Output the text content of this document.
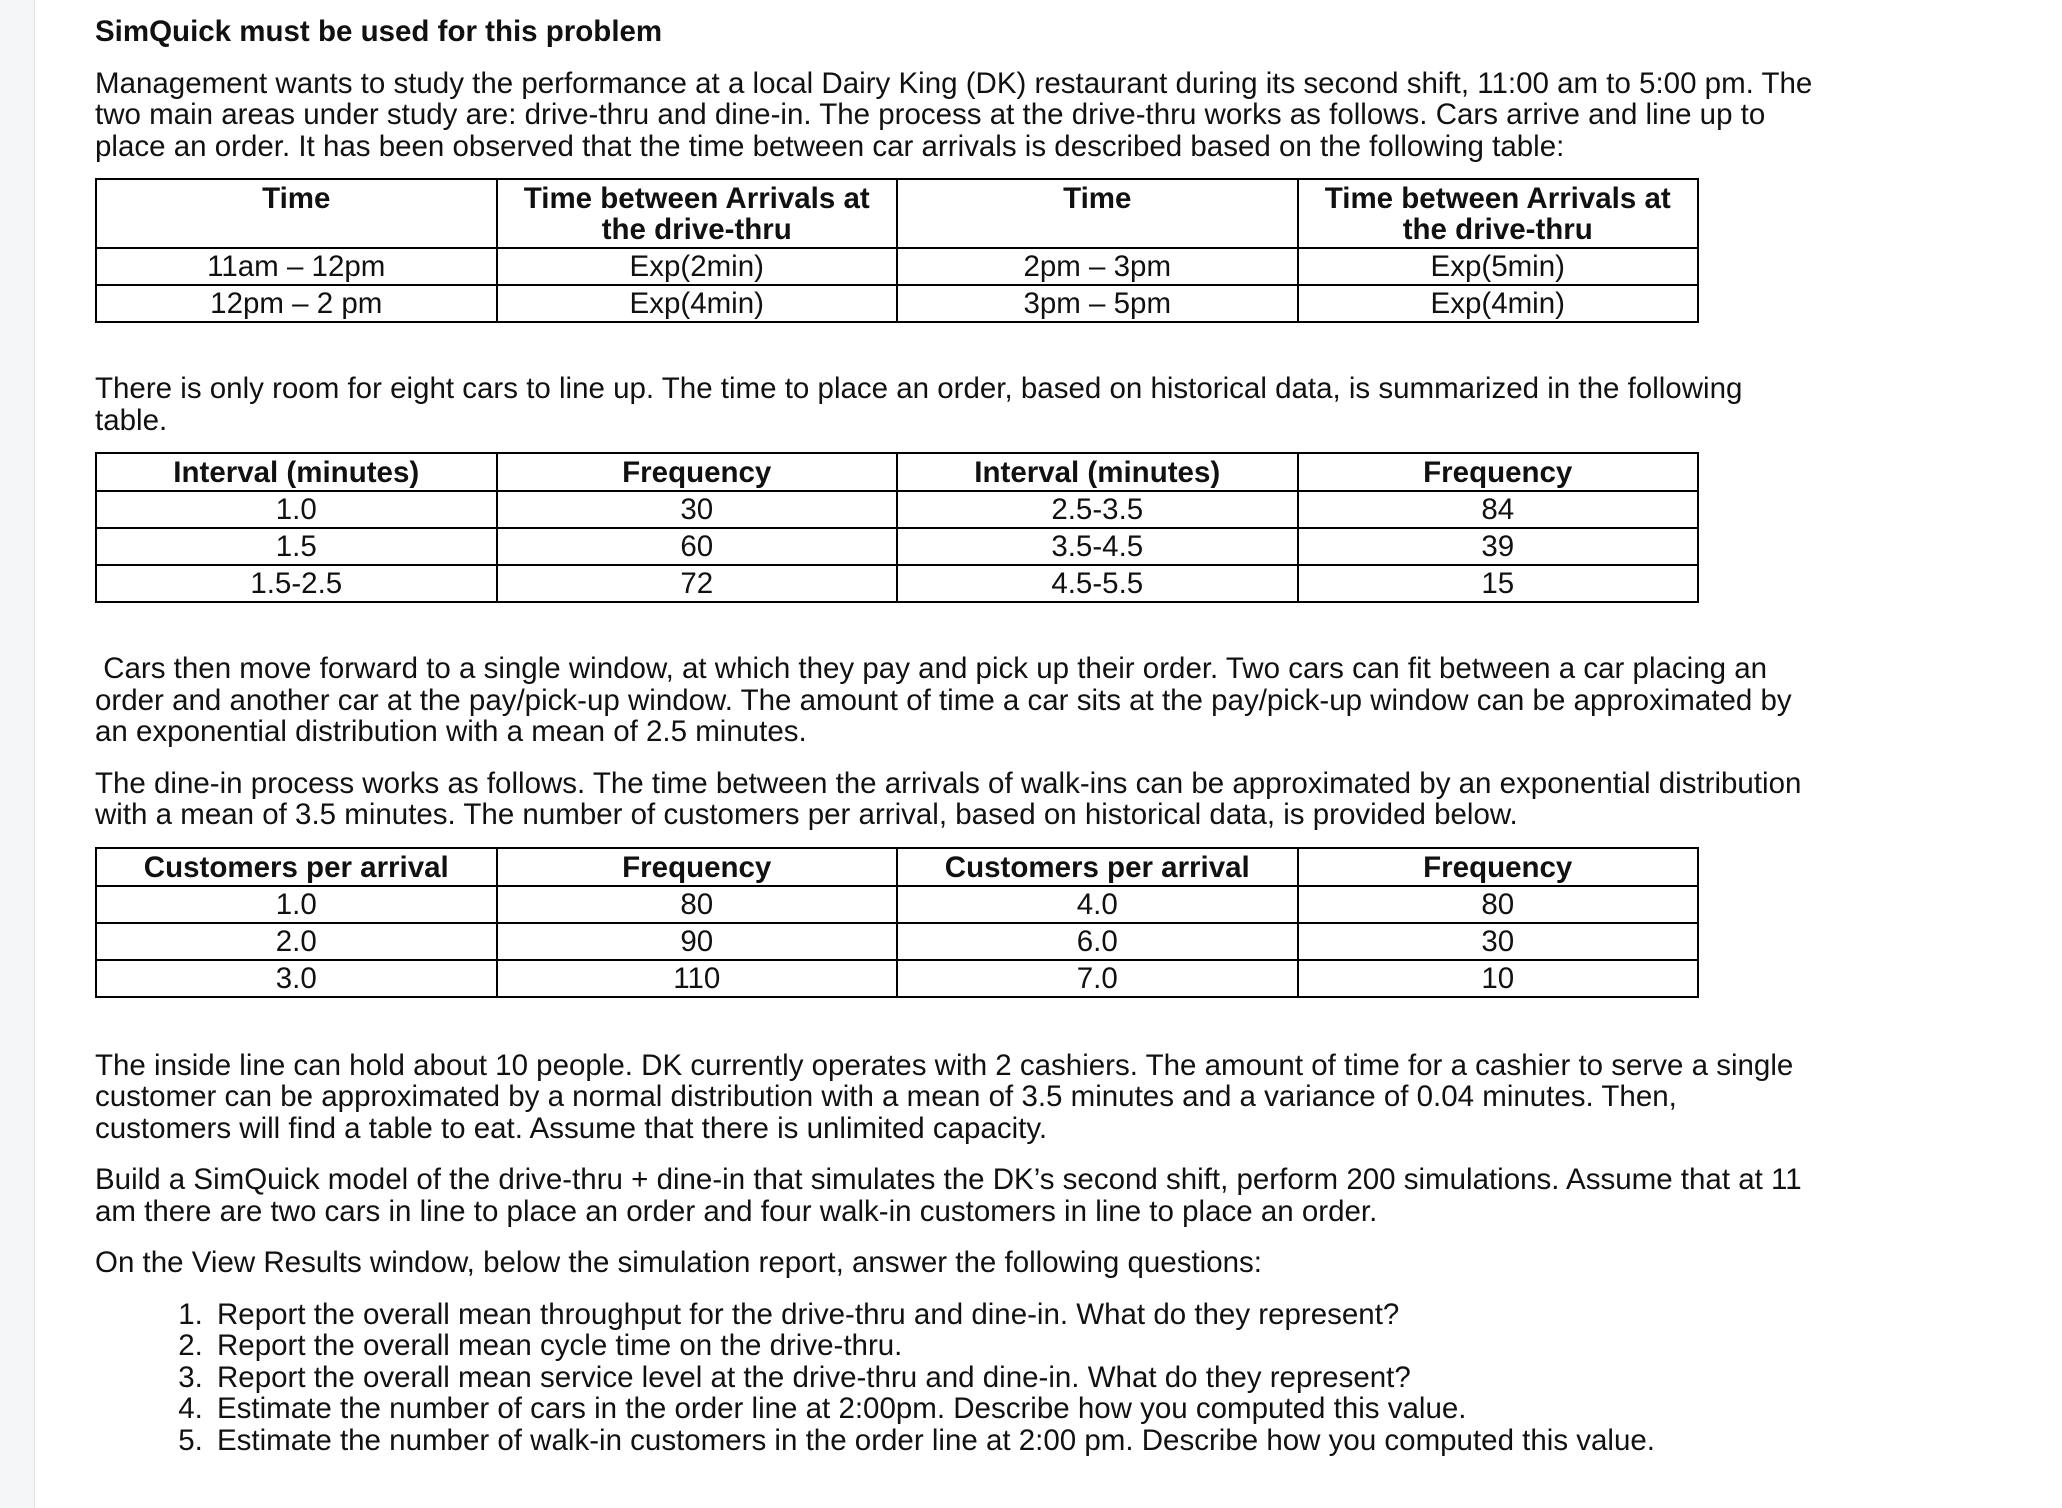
SimQuick must be used for this problem

Management wants to study the performance at a local Dairy King (DK) restaurant during its second shift, 11:00 am to 5:00 pm. The two main areas under study are: drive-thru and dine-in. The process at the drive-thru works as follows. Cars arrive and line up to place an order. It has been observed that the time between car arrivals is described based on the following table:

Time	Time between Arrivals at the drive-thru	Time	Time between Arrivals at the drive-thru
11am – 12pm	Exp(2min)	2pm – 3pm	Exp(5min)
12pm – 2 pm	Exp(4min)	3pm – 5pm	Exp(4min)

There is only room for eight cars to line up. The time to place an order, based on historical data, is summarized in the following table.

Interval (minutes)	Frequency	Interval (minutes)	Frequency
1.0	30	2.5-3.5	84
1.5	60	3.5-4.5	39
1.5-2.5	72	4.5-5.5	15

Cars then move forward to a single window, at which they pay and pick up their order. Two cars can fit between a car placing an order and another car at the pay/pick-up window. The amount of time a car sits at the pay/pick-up window can be approximated by an exponential distribution with a mean of 2.5 minutes.

The dine-in process works as follows. The time between the arrivals of walk-ins can be approximated by an exponential distribution with a mean of 3.5 minutes. The number of customers per arrival, based on historical data, is provided below.

Customers per arrival	Frequency	Customers per arrival	Frequency
1.0	80	4.0	80
2.0	90	6.0	30
3.0	110	7.0	10

The inside line can hold about 10 people. DK currently operates with 2 cashiers. The amount of time for a cashier to serve a single customer can be approximated by a normal distribution with a mean of 3.5 minutes and a variance of 0.04 minutes. Then, customers will find a table to eat. Assume that there is unlimited capacity.

Build a SimQuick model of the drive-thru + dine-in that simulates the DK’s second shift, perform 200 simulations. Assume that at 11 am there are two cars in line to place an order and four walk-in customers in line to place an order.

On the View Results window, below the simulation report, answer the following questions:

1. Report the overall mean throughput for the drive-thru and dine-in. What do they represent?
2. Report the overall mean cycle time on the drive-thru.
3. Report the overall mean service level at the drive-thru and dine-in. What do they represent?
4. Estimate the number of cars in the order line at 2:00pm. Describe how you computed this value.
5. Estimate the number of walk-in customers in the order line at 2:00 pm. Describe how you computed this value.
